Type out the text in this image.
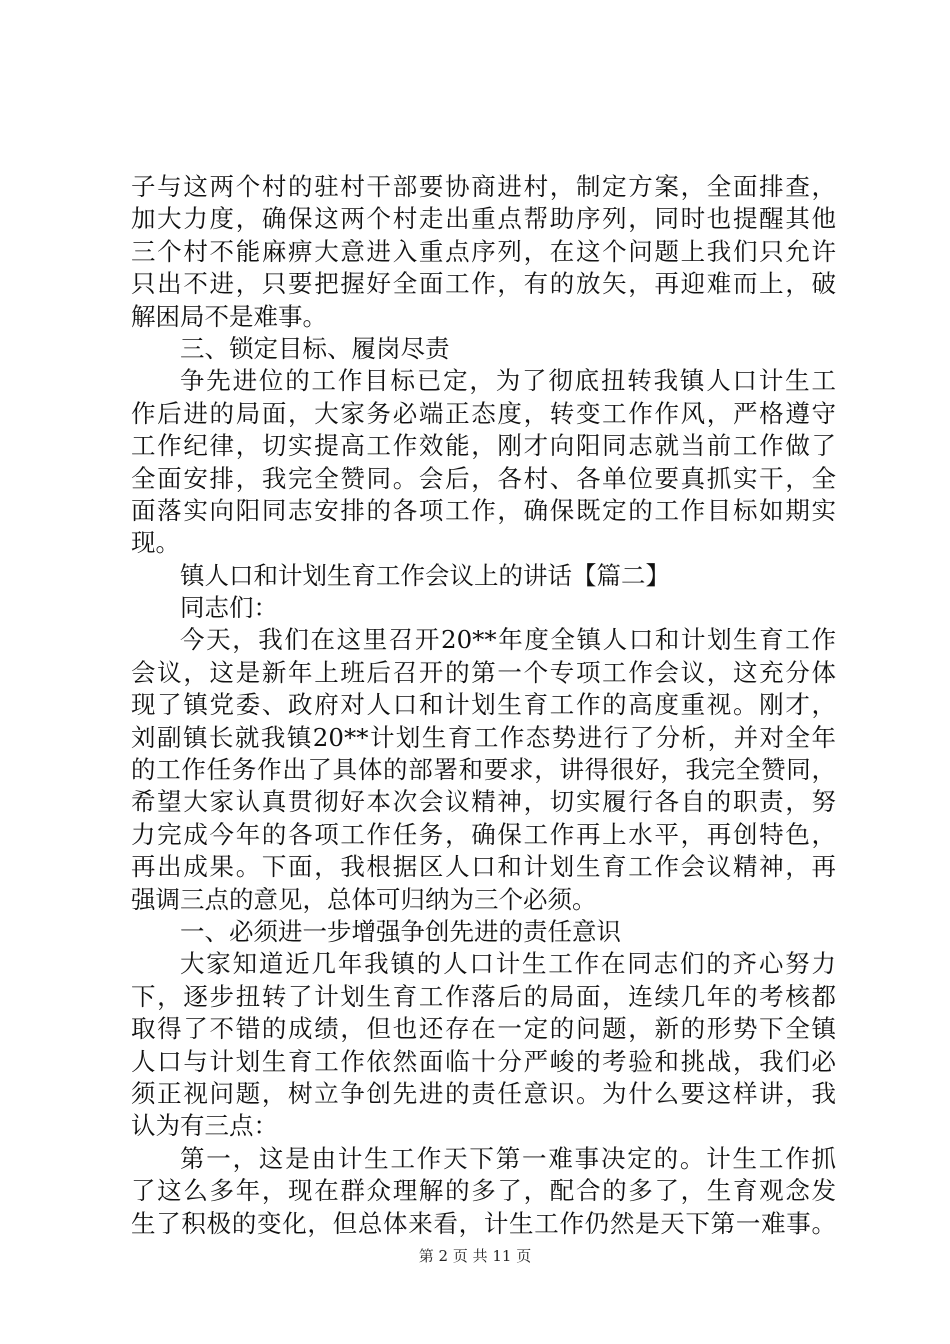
子与这两个村的驻村干部要协商进村，制定方案，全面排查，
加大力度，确保这两个村走出重点帮助序列，同时也提醒其他
三个村不能麻痹大意进入重点序列，在这个问题上我们只允许
只出不进，只要把握好全面工作，有的放矢，再迎难而上，破
解困局不是难事。
三、锁定目标、履岗尽责
争先进位的工作目标已定，为了彻底扭转我镇人口计生工
作后进的局面，大家务必端正态度，转变工作作风，严格遵守
工作纪律，切实提高工作效能，刚才向阳同志就当前工作做了
全面安排，我完全赞同。会后，各村、各单位要真抓实干，全
面落实向阳同志安排的各项工作，确保既定的工作目标如期实
现。
镇人口和计划生育工作会议上的讲话【篇二】
同志们：
今天，我们在这里召开20**年度全镇人口和计划生育工作
会议，这是新年上班后召开的第一个专项工作会议，这充分体
现了镇党委、政府对人口和计划生育工作的高度重视。刚才，
刘副镇长就我镇20**计划生育工作态势进行了分析，并对全年
的工作任务作出了具体的部署和要求，讲得很好，我完全赞同，
希望大家认真贯彻好本次会议精神，切实履行各自的职责，努
力完成今年的各项工作任务，确保工作再上水平，再创特色，
再出成果。下面，我根据区人口和计划生育工作会议精神，再
强调三点的意见，总体可归纳为三个必须。
一、必须进一步增强争创先进的责任意识
大家知道近几年我镇的人口计生工作在同志们的齐心努力
下，逐步扭转了计划生育工作落后的局面，连续几年的考核都
取得了不错的成绩，但也还存在一定的问题，新的形势下全镇
人口与计划生育工作依然面临十分严峻的考验和挑战，我们必
须正视问题，树立争创先进的责任意识。为什么要这样讲，我
认为有三点：
第一，这是由计生工作天下第一难事决定的。计生工作抓
了这么多年，现在群众理解的多了，配合的多了，生育观念发
生了积极的变化，但总体来看，计生工作仍然是天下第一难事。
第 2 页 共 11 页
